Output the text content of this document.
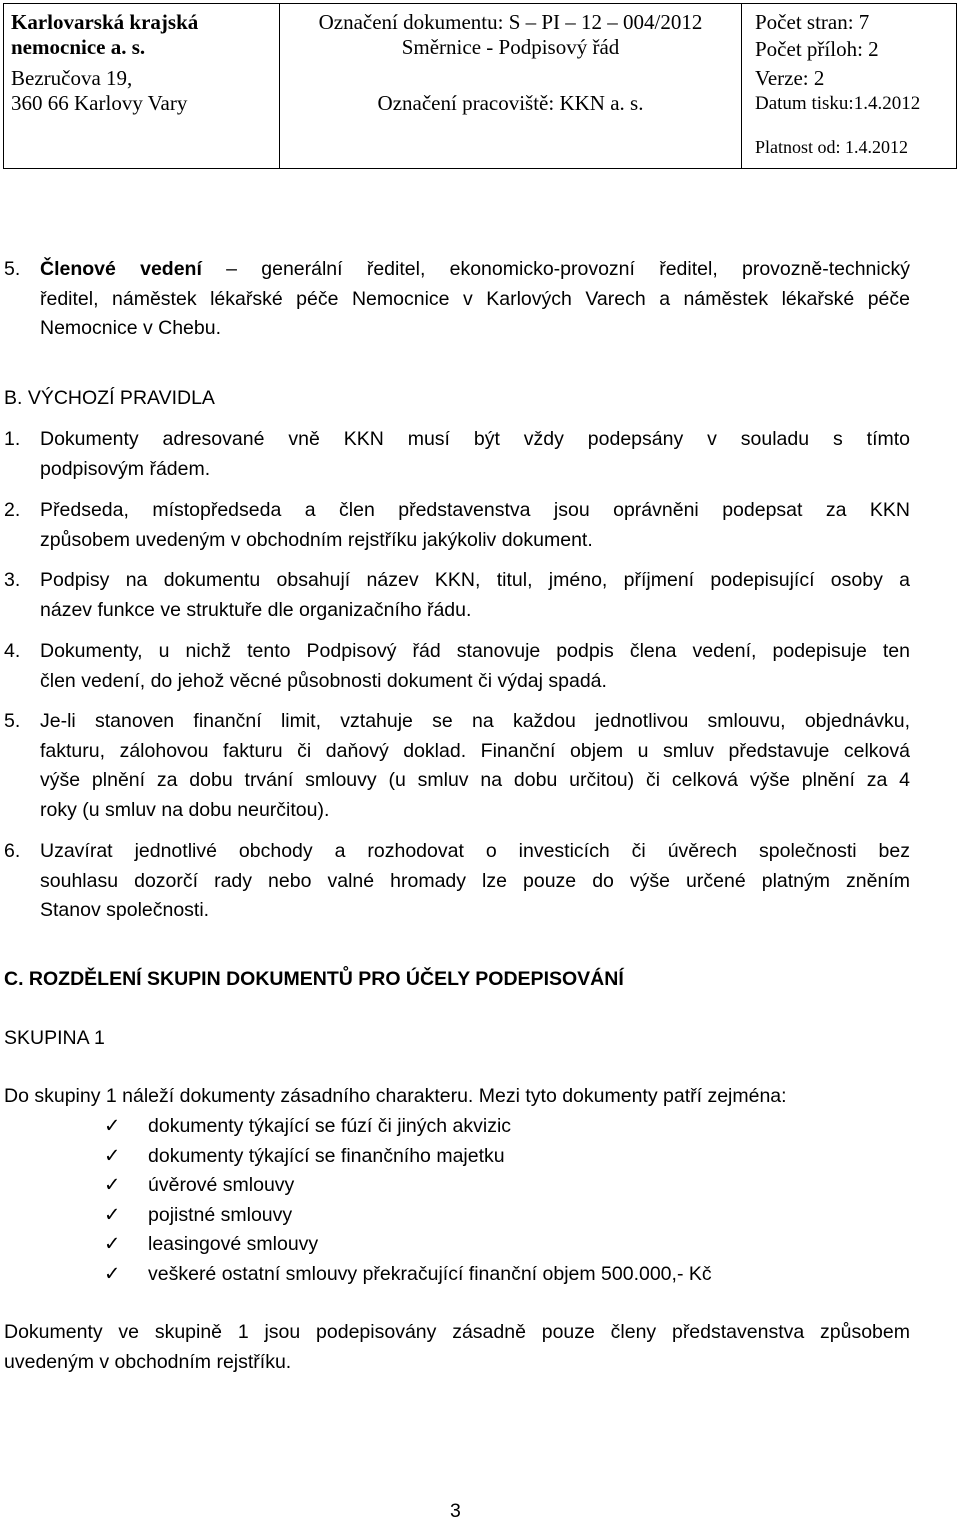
Karlovarská krajská
nemocnice a. s.
Bezručova 19,
360 66 Karlovy Vary
Označení dokumentu: S – PI – 12 – 004/2012
Směrnice - Podpisový řád
Označení pracoviště: KKN a. s.
Počet stran: 7
Počet příloh: 2
Verze: 2
Datum tisku:1.4.2012
Platnost od: 1.4.2012
5. Členové vedení – generální ředitel, ekonomicko-provozní ředitel, provozně-technický
ředitel, náměstek lékařské péče Nemocnice v Karlových Varech a náměstek lékařské péče
Nemocnice v Chebu.
B. VÝCHOZÍ PRAVIDLA
1. Dokumenty adresované vně KKN musí být vždy podepsány v souladu s tímto
podpisovým řádem.
2. Předseda, místopředseda a člen představenstva jsou oprávněni podepsat za KKN
způsobem uvedeným v obchodním rejstříku jakýkoliv dokument.
3. Podpisy na dokumentu obsahují název KKN, titul, jméno, příjmení podepisující osoby a
název funkce ve struktuře dle organizačního řádu.
4. Dokumenty, u nichž tento Podpisový řád stanovuje podpis člena vedení, podepisuje ten
člen vedení, do jehož věcné působnosti dokument či výdaj spadá.
5. Je-li stanoven finanční limit, vztahuje se na každou jednotlivou smlouvu, objednávku,
fakturu, zálohovou fakturu či daňový doklad. Finanční objem u smluv představuje celková
výše plnění za dobu trvání smlouvy (u smluv na dobu určitou) či celková výše plnění za 4
roky (u smluv na dobu neurčitou).
6. Uzavírat jednotlivé obchody a rozhodovat o investicích či úvěrech společnosti bez
souhlasu dozorčí rady nebo valné hromady lze pouze do výše určené platným zněním
Stanov společnosti.
C. ROZDĚLENÍ SKUPIN DOKUMENTŮ PRO ÚČELY PODEPISOVÁNÍ
SKUPINA 1
Do skupiny 1 náleží dokumenty zásadního charakteru. Mezi tyto dokumenty patří zejména:
✓ dokumenty týkající se fúzí či jiných akvizic
✓ dokumenty týkající se finančního majetku
✓ úvěrové smlouvy
✓ pojistné smlouvy
✓ leasingové smlouvy
✓ veškeré ostatní smlouvy překračující finanční objem 500.000,- Kč
Dokumenty ve skupině 1 jsou podepisovány zásadně pouze členy představenstva způsobem
uvedeným v obchodním rejstříku.
3
